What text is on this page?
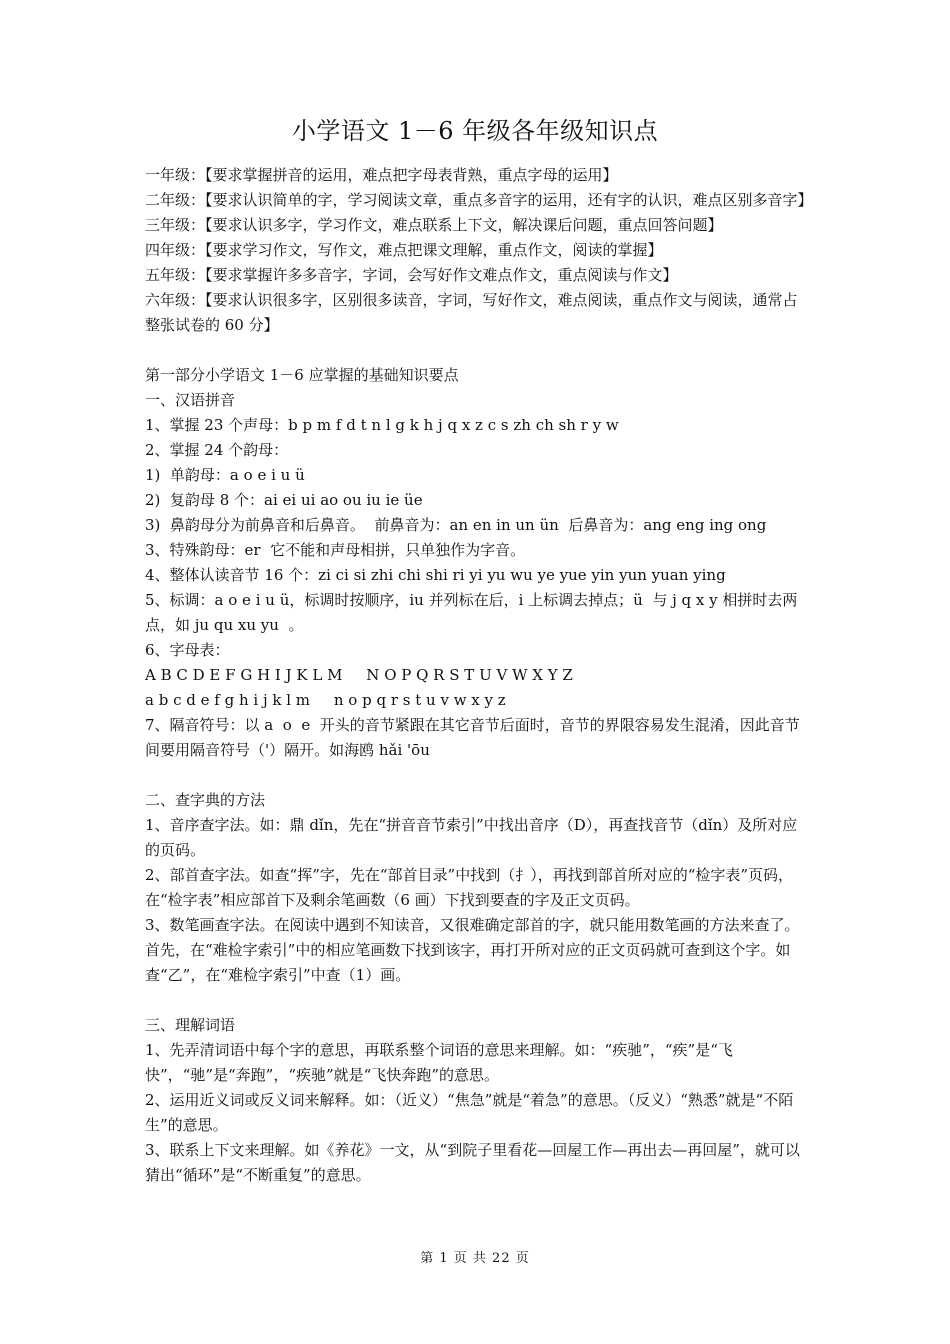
小学语文 1－6 年级各年级知识点

一年级：【要求掌握拼音的运用，难点把字母表背熟，重点字母的运用】

二年级：【要求认识简单的字，学习阅读文章，重点多音字的运用，还有字的认识，难点区别多音字】

三年级：【要求认识多字，学习作文，难点联系上下文，解决课后问题，重点回答问题】

四年级：【要求学习作文，写作文，难点把课文理解，重点作文，阅读的掌握】

五年级：【要求掌握许多多音字，字词，会写好作文难点作文，重点阅读与作文】

六年级：【要求认识很多字，区别很多读音，字词，写好作文，难点阅读，重点作文与阅读，通常占整张试卷的 60 分】

第一部分小学语文 1－6 应掌握的基础知识要点

一、汉语拼音

1、掌握 23 个声母：b p m f d t n l g k h j q x z c s zh ch sh r y w

2、掌握 24 个韵母：

1)  单韵母：a o e i u ü

2)  复韵母 8 个：ai ei ui ao ou iu ie üe

3)  鼻韵母分为前鼻音和后鼻音。  前鼻音为：an en in un ün  后鼻音为：ang eng ing ong

3、特殊韵母：er  它不能和声母相拼，只单独作为字音。

4、整体认读音节 16 个：zi ci si zhi chi shi ri yi yu wu ye yue yin yun yuan ying

5、标调：a o e i u ü，标调时按顺序，iu 并列标在后，i 上标调去掉点；ü  与 j q x y 相拼时去两点，如 ju qu xu yu  。

6、字母表：

A B C D E F G H I J K L M     N O P Q R S T U V W X Y Z

a b c d e f g h i j k l m     n o p q r s t u v w x y z

7、隔音符号：以 a  o  e  开头的音节紧跟在其它音节后面时，音节的界限容易发生混淆，因此音节间要用隔音符号（'）隔开。如海鸥 hǎi 'ōu

二、查字典的方法

1、音序查字法。如：鼎 dǐn，先在“拼音音节索引”中找出音序（D），再查找音节（dǐn）及所对应的页码。

2、部首查字法。如查“挥”字，先在“部首目录”中找到（扌），再找到部首所对应的“检字表”页码，在“检字表”相应部首下及剩余笔画数（6 画）下找到要查的字及正文页码。

3、数笔画查字法。在阅读中遇到不知读音，又很难确定部首的字，就只能用数笔画的方法来查了。首先，在“难检字索引”中的相应笔画数下找到该字，再打开所对应的正文页码就可查到这个字。如查“乙”，在“难检字索引”中查（1）画。

三、理解词语

1、先弄清词语中每个字的意思，再联系整个词语的意思来理解。如：“疾驰”，“疾”是“飞快”，“驰”是“奔跑”，“疾驰”就是“飞快奔跑”的意思。

2、运用近义词或反义词来解释。如：（近义）“焦急”就是“着急”的意思。（反义）“熟悉”就是“不陌生”的意思。

3、联系上下文来理解。如《养花》一文，从“到院子里看花—回屋工作—再出去—再回屋”，就可以猜出“循环”是“不断重复”的意思。

第 1 页 共 22 页
